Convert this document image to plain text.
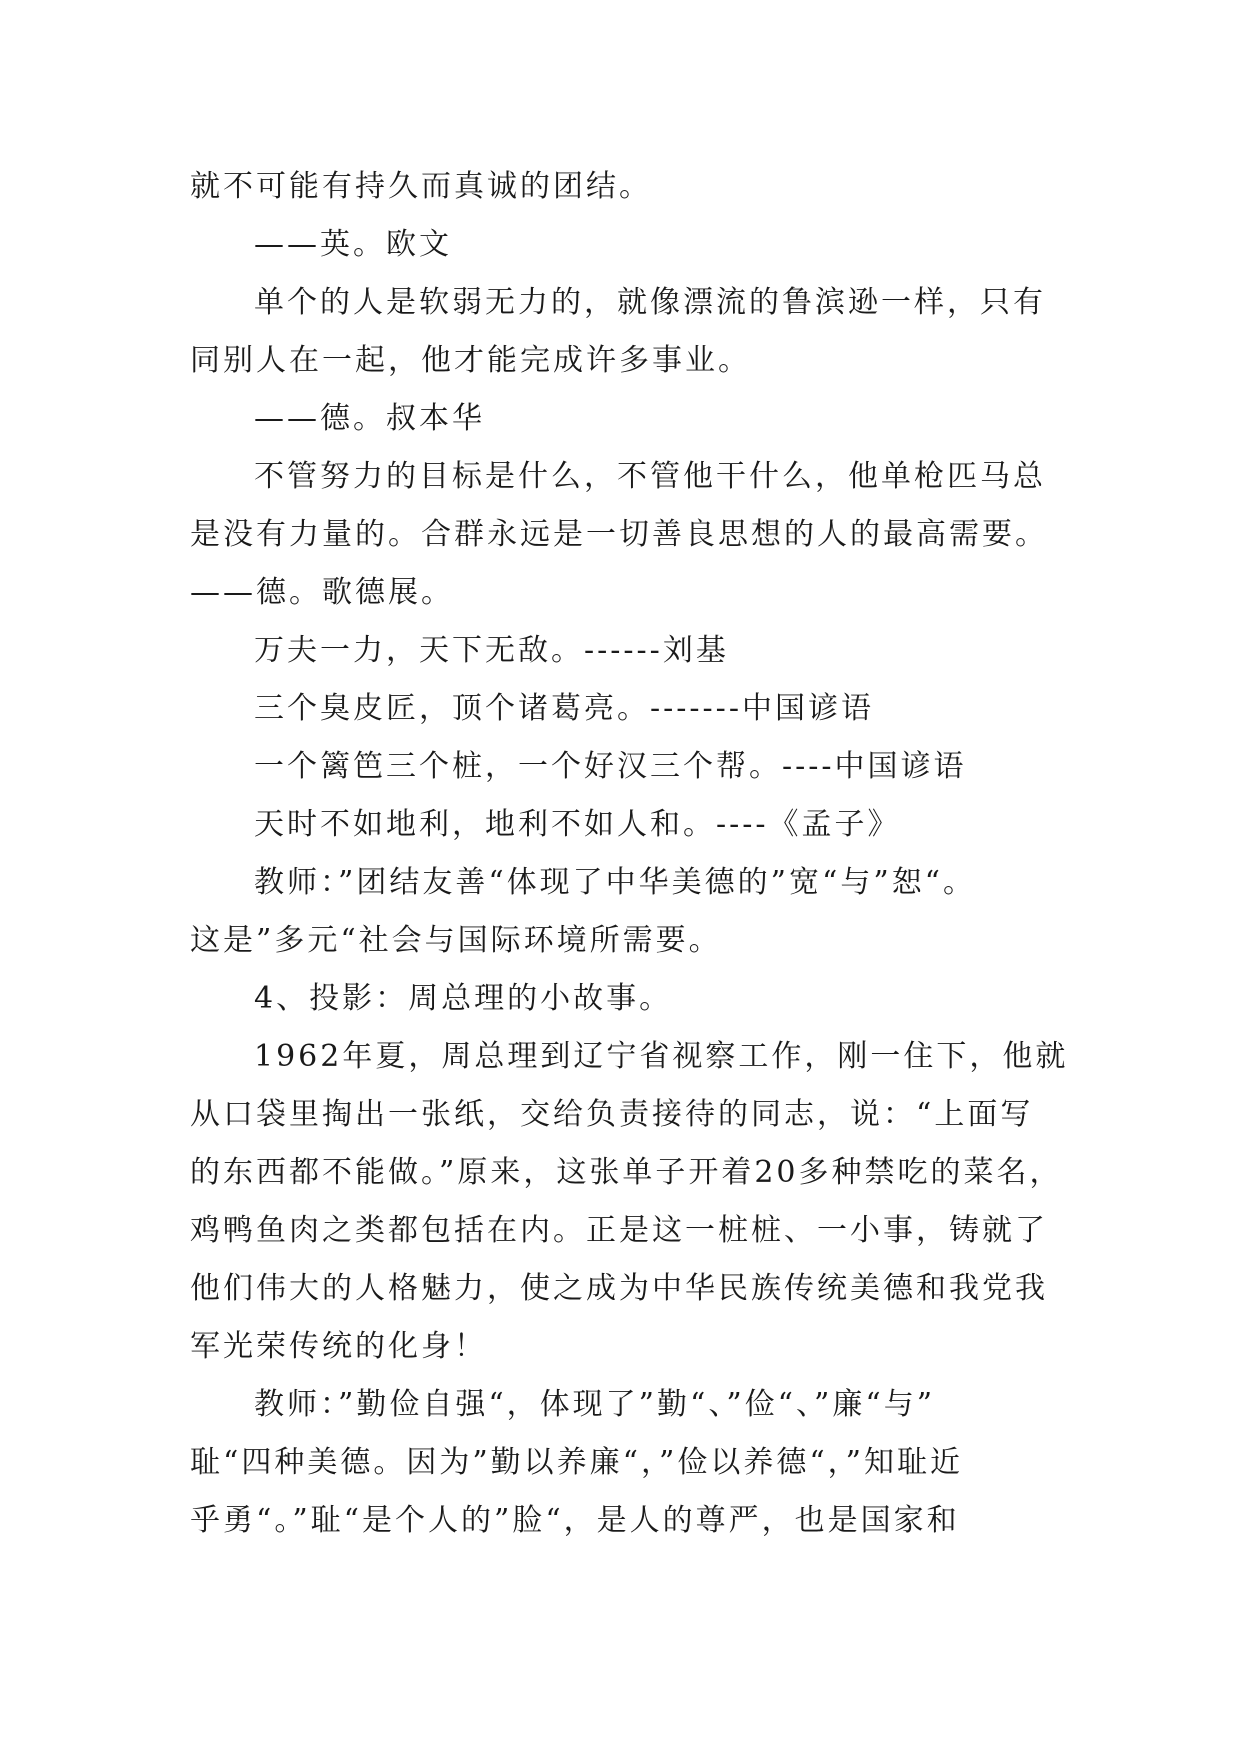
就不可能有持久而真诚的团结。
——英。欧文
单个的人是软弱无力的，就像漂流的鲁滨逊一样，只有
同别人在一起，他才能完成许多事业。
——德。叔本华
不管努力的目标是什么，不管他干什么，他单枪匹马总
是没有力量的。合群永远是一切善良思想的人的最高需要。
——德。歌德展。
万夫一力，天下无敌。------刘基
三个臭皮匠，顶个诸葛亮。-------中国谚语
一个篱笆三个桩，一个好汉三个帮。----中国谚语
天时不如地利，地利不如人和。----《孟子》
教师：”团结友善“体现了中华美德的”宽“与”恕“。
这是”多元“社会与国际环境所需要。
4、投影：周总理的小故事。
1962年夏，周总理到辽宁省视察工作，刚一住下，他就
从口袋里掏出一张纸，交给负责接待的同志，说：“上面写
的东西都不能做。”原来，这张单子开着20多种禁吃的菜名，
鸡鸭鱼肉之类都包括在内。正是这一桩桩、一小事，铸就了
他们伟大的人格魅力，使之成为中华民族传统美德和我党我
军光荣传统的化身！
教师：”勤俭自强“，体现了”勤“、”俭“、”廉“与”
耻“四种美德。因为”勤以养廉“，”俭以养德“，”知耻近
乎勇“。”耻“是个人的”脸“，是人的尊严，也是国家和
